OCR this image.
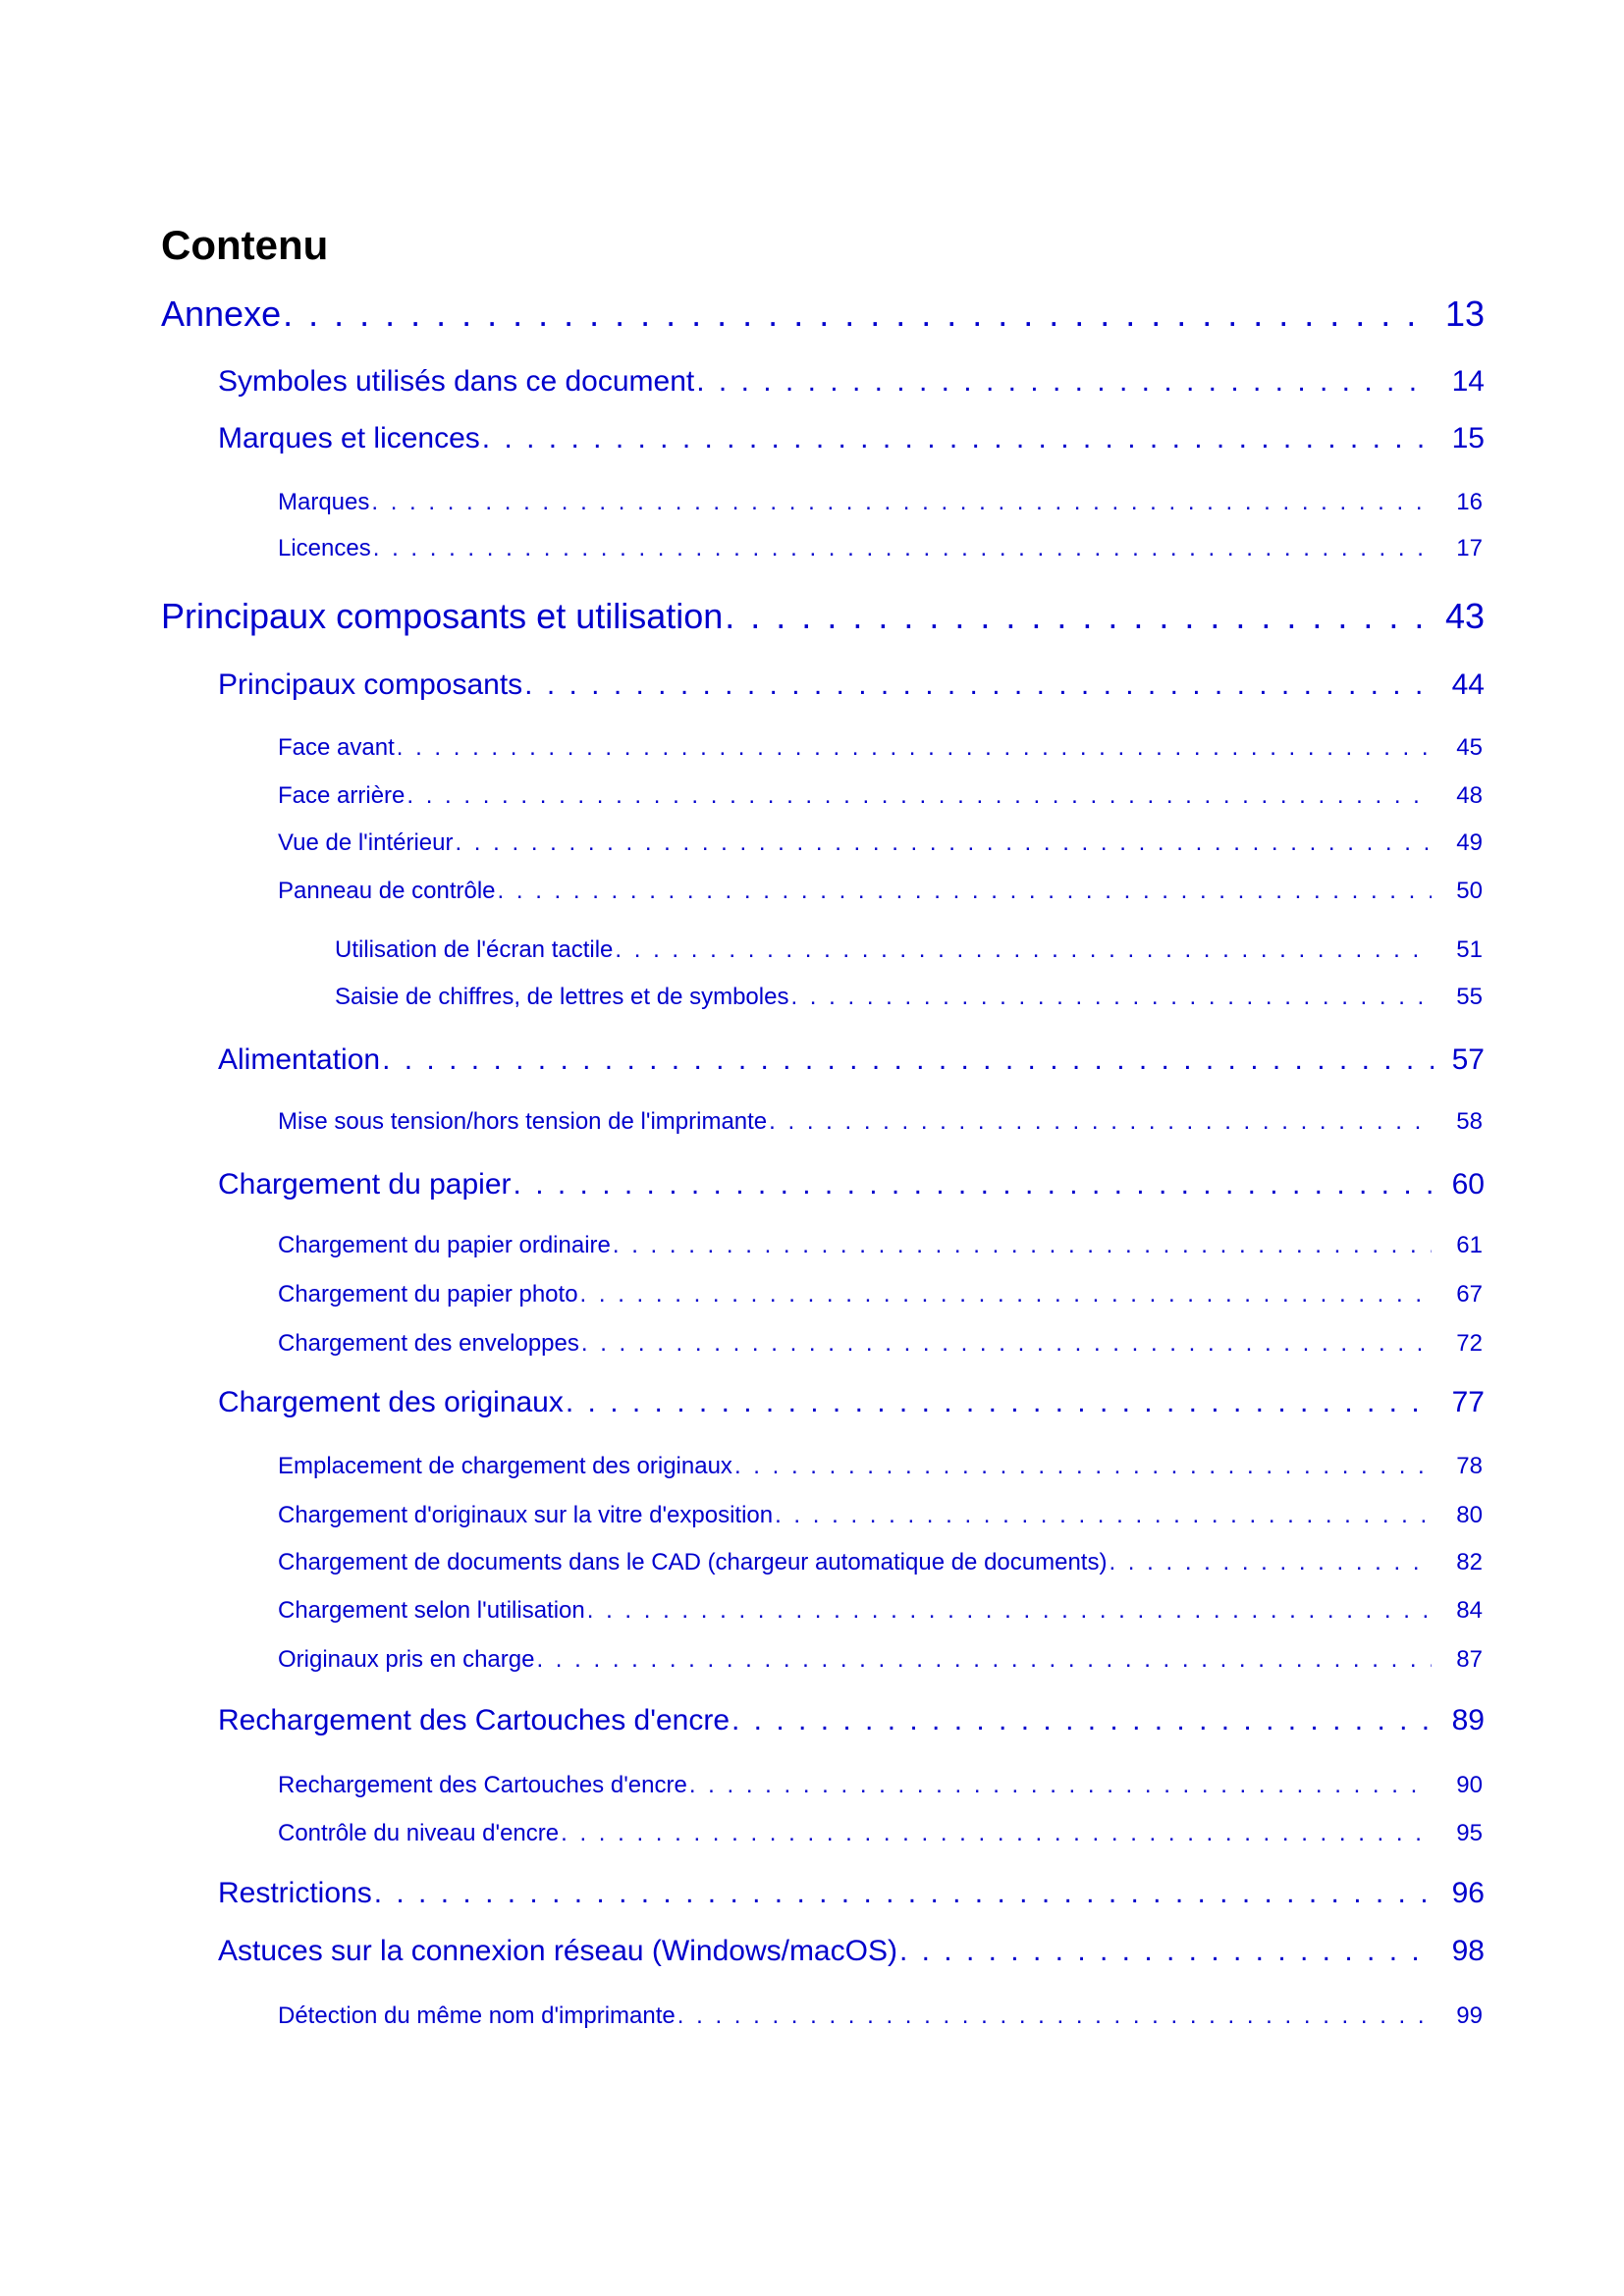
Contenu
Annexe . . .	13
Symboles utilisés dans ce document . . .	14
Marques et licences . . .	15
Marques . . .	16
Licences . . .	17
Principaux composants et utilisation . . .	43
Principaux composants . . .	44
Face avant . . .	45
Face arrière . . .	48
Vue de l'intérieur . . .	49
Panneau de contrôle . . .	50
Utilisation de l'écran tactile . . .	51
Saisie de chiffres, de lettres et de symboles . . .	55
Alimentation . . .	57
Mise sous tension/hors tension de l'imprimante . . .	58
Chargement du papier . . .	60
Chargement du papier ordinaire . . .	61
Chargement du papier photo . . .	67
Chargement des enveloppes . . .	72
Chargement des originaux . . .	77
Emplacement de chargement des originaux . . .	78
Chargement d'originaux sur la vitre d'exposition . . .	80
Chargement de documents dans le CAD (chargeur automatique de documents) . . .	82
Chargement selon l'utilisation . . .	84
Originaux pris en charge . . .	87
Rechargement des Cartouches d'encre . . .	89
Rechargement des Cartouches d'encre . . .	90
Contrôle du niveau d'encre . . .	95
Restrictions . . .	96
Astuces sur la connexion réseau (Windows/macOS) . . .	98
Détection du même nom d'imprimante . . .	99
